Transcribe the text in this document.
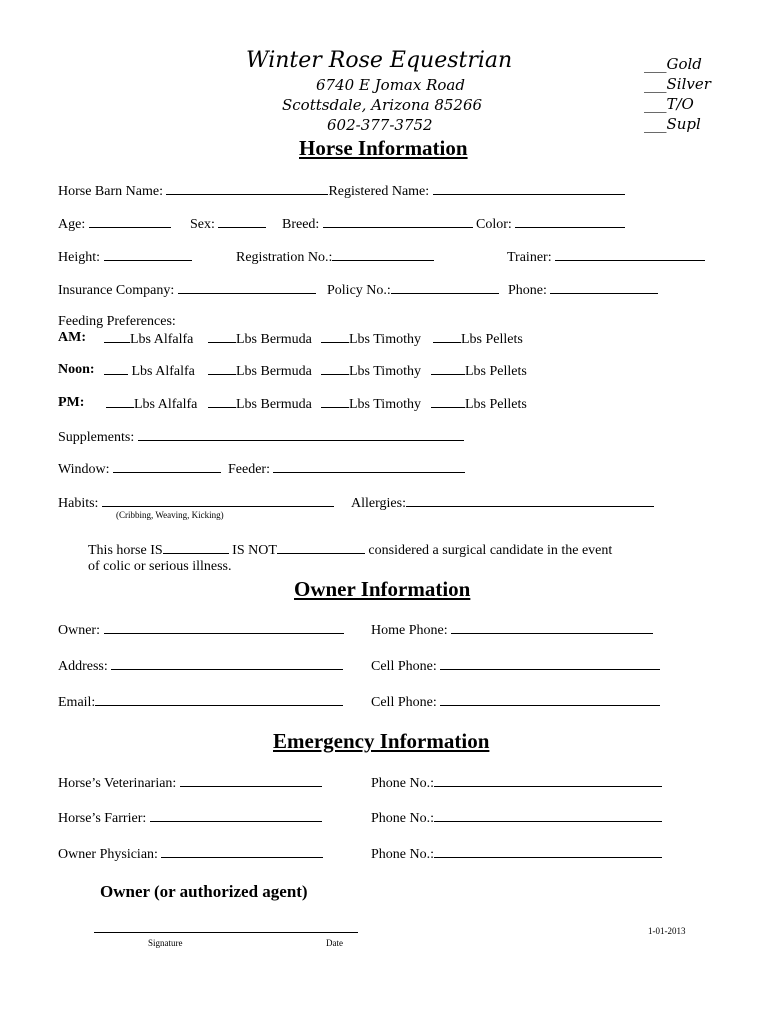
Winter Rose Equestrian
6740 E Jomax Road
Scottsdale, Arizona 85266
602-377-3752
___Gold
___Silver
___T/O
___Supl
Horse Information
Horse Barn Name:	Registered Name:
Age:	Sex:	Breed:	Color:
Height:	Registration No.:	Trainer:
Insurance Company:	Policy No.:	Phone:
Feeding Preferences:
AM:	Lbs Alfalfa	Lbs Bermuda	Lbs Timothy	Lbs Pellets
Noon:	Lbs Alfalfa	Lbs Bermuda	Lbs Timothy	Lbs Pellets
PM:	Lbs Alfalfa	Lbs Bermuda	Lbs Timothy	Lbs Pellets
Supplements:
Window:	Feeder:
Habits:
(Cribbing, Weaving, Kicking)
Allergies:
This horse IS	IS NOT	considered a surgical candidate in the event
of colic or serious illness.
Owner Information
Owner:	Home Phone:
Address:	Cell Phone:
Email:	Cell Phone:
Emergency Information
Horse’s Veterinarian:	Phone No.:
Horse’s Farrier:	Phone No.:
Owner Physician:	Phone No.:
Owner (or authorized agent)
Signature	Date
1-01-2013
